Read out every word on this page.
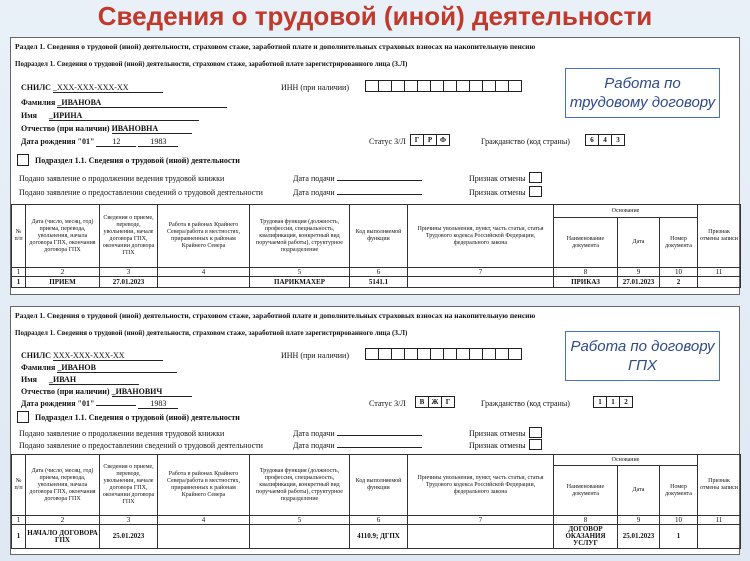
Сведения о трудовой (иной) деятельности
Раздел 1. Сведения о трудовой (иной) деятельности, страховом стаже, заработной плате и дополнительных страховых взносах на накопительную пенсию
Подраздел 1. Сведения о трудовой (иной) деятельности, страховом стаже, заработной плате зарегистрированного лица (З.Л)
Работа по трудовому договору
СНИЛС _XXX-XXX-XXX-XX	ИНН (при наличии)
Фамилия _ИВАНОВА
Имя _ИРИНА
Отчество (при наличии) ИВАНОВНА
Дата рождения "01" 12	1983	Статус З/Л	Г	Р	Ф	Гражданство (код страны)	6	4	3
Подраздел 1.1. Сведения о трудовой (иной) деятельности
Подано заявление о продолжении ведения трудовой книжки	Дата подачи	Признак отмены
Подано заявление о предоставлении сведений о трудовой деятельности	Дата подачи	Признак отмены
№ п/п	Дата (число, месяц, год) приема, перевода, увольнения, начала договора ГПХ, окончания договора ГПХ	Сведения о приеме, переводе, увольнении, начале договора ГПХ, окончании договора ГПХ	Работа в районах Крайнего Севера/работа в местностях, приравненных к районам Крайнего Севера	Трудовая функция (должность, профессия, специальность, квалификация, конкретный вид поручаемой работы), структурное подразделение	Код выполняемой функции	Причины увольнения, пункт, часть статьи, статья Трудового кодекса Российской Федерации, федерального закона	Основание			Признак отмены записи
							Наименование документа	Дата	Номер документа	
1	2	3	4	5	6	7	8	9	10	11
1	ПРИЕМ	27.01.2023		ПАРИКМАХЕР	5141.1		ПРИКАЗ	27.01.2023	2	
Раздел 1. Сведения о трудовой (иной) деятельности, страховом стаже, заработной плате и дополнительных страховых взносах на накопительную пенсию
Подраздел 1. Сведения о трудовой (иной) деятельности, страховом стаже, заработной плате зарегистрированного лица (З.Л)
Работа по договору ГПХ
СНИЛС XXX-XXX-XXX-XX	ИНН (при наличии)
Фамилия _ИВАНОВ
Имя _ИВАН
Отчество (при наличии) _ИВАНОВИЧ
Дата рождения "01"	1983	Статус З/Л	В	Ж	Г	Гражданство (код страны)	1	1	2
Подраздел 1.1. Сведения о трудовой (иной) деятельности
Подано заявление о продолжении ведения трудовой книжки	Дата подачи	Признак отмены
Подано заявление о предоставлении сведений о трудовой деятельности	Дата подачи	Признак отмены
№ п/п	Дата (число, месяц, год) приема, перевода, увольнения, начала договора ГПХ, окончания договора ГПХ	Сведения о приеме, переводе, увольнении, начале договора ГПХ, окончании договора ГПХ	Работа в районах Крайнего Севера/работа в местностях, приравненных к районам Крайнего Севера	Трудовая функция (должность, профессия, специальность, квалификация, конкретный вид поручаемой работы), структурное подразделение	Код выполняемой функции	Причины увольнения, пункт, часть статьи, статья Трудового кодекса Российской Федерации, федерального закона	Основание			Признак отмены записи
							Наименование документа	Дата	Номер документа	
1	2	3	4	5	6	7	8	9	10	11
1	НАЧАЛО ДОГОВОРА ГПХ	25.01.2023			4110.9; ДГПХ		ДОГОВОР ОКАЗАНИЯ УСЛУГ	25.01.2023	1	
